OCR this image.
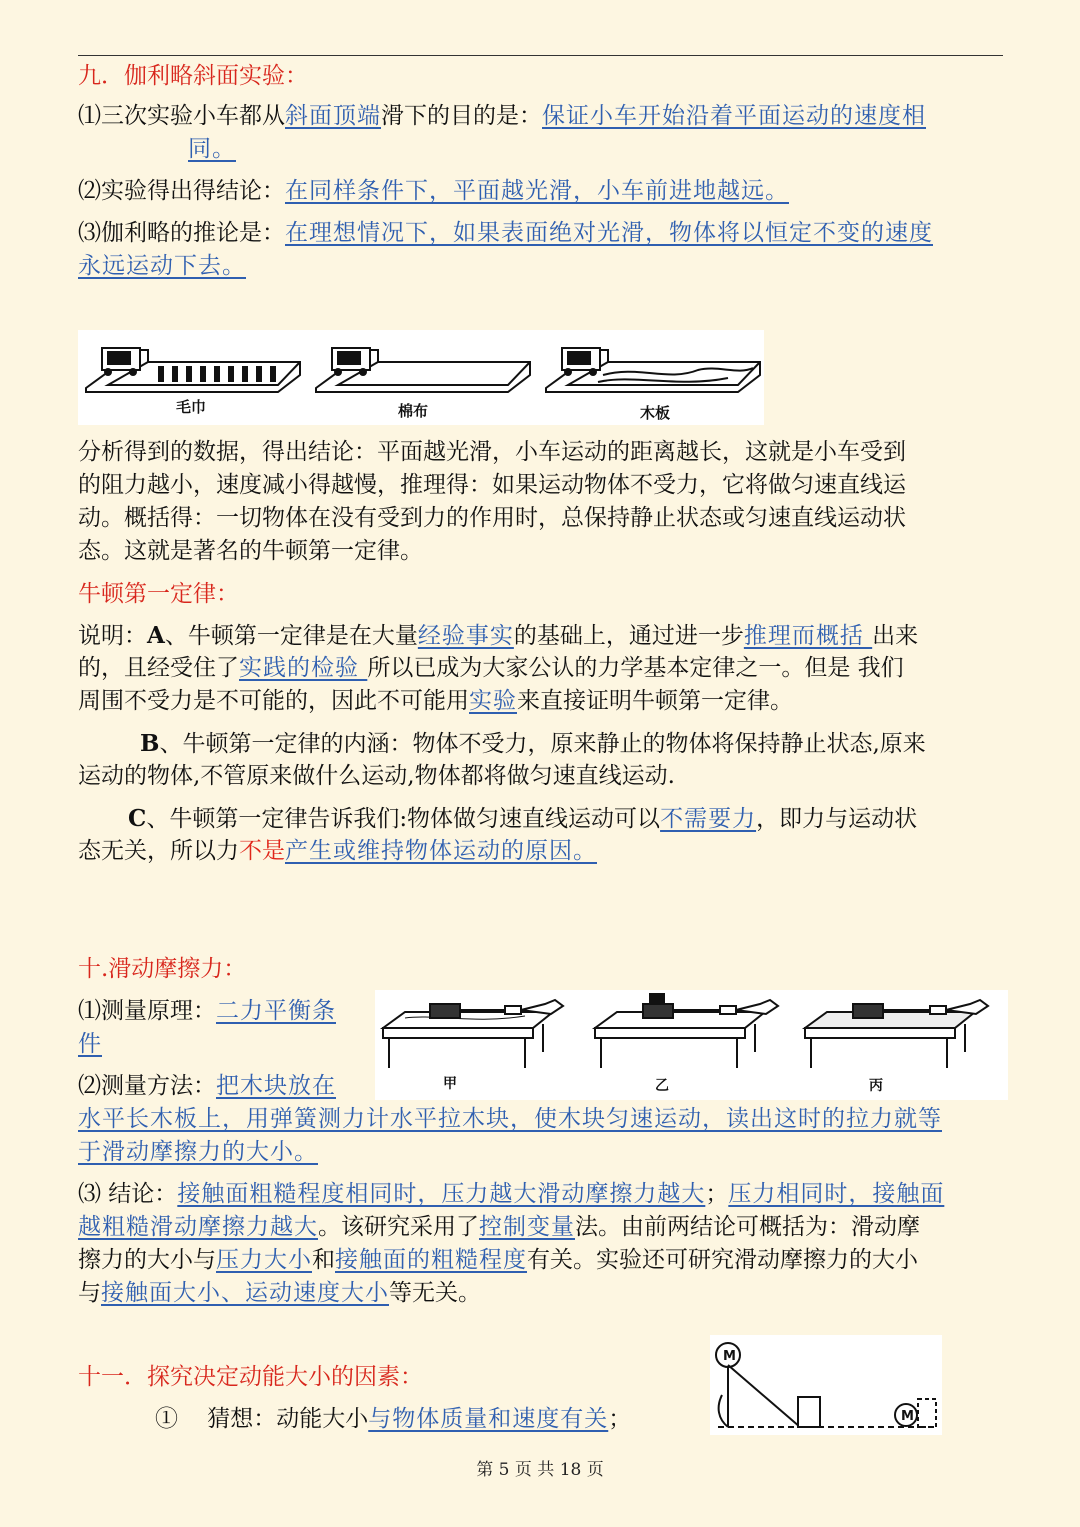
九．伽利略斜面实验：
⑴三次实验小车都从斜面顶端滑下的目的是：保证小车开始沿着平面运动的速度相
同。
⑵实验得出得结论：在同样条件下，平面越光滑，小车前进地越远。
⑶伽利略的推论是：在理想情况下，如果表面绝对光滑，物体将以恒定不变的速度
永远运动下去。
毛巾	棉布	木板
分析得到的数据，得出结论：平面越光滑，小车运动的距离越长，这就是小车受到
的阻力越小，速度减小得越慢，推理得：如果运动物体不受力，它将做匀速直线运
动。概括得：一切物体在没有受到力的作用时，总保持静止状态或匀速直线运动状
态。这就是著名的牛顿第一定律。
牛顿第一定律：
说明：A、牛顿第一定律是在大量经验事实的基础上，通过进一步推理而概括 出来
的，且经受住了实践的检验 所以已成为大家公认的力学基本定律之一。但是 我们
周围不受力是不可能的，因此不可能用实验来直接证明牛顿第一定律。
B、牛顿第一定律的内涵：物体不受力，原来静止的物体将保持静止状态,原来
运动的物体,不管原来做什么运动,物体都将做匀速直线运动.
C、牛顿第一定律告诉我们:物体做匀速直线运动可以不需要力，即力与运动状
态无关，所以力不是产生或维持物体运动的原因。
十.滑动摩擦力：
⑴测量原理：二力平衡条
件
甲	乙	丙
⑵测量方法：把木块放在
水平长木板上，用弹簧测力计水平拉木块，使木块匀速运动，读出这时的拉力就等
于滑动摩擦力的大小。
⑶ 结论：接触面粗糙程度相同时，压力越大滑动摩擦力越大；压力相同时，接触面
越粗糙滑动摩擦力越大。该研究采用了控制变量法。由前两结论可概括为：滑动摩
擦力的大小与压力大小和接触面的粗糙程度有关。实验还可研究滑动摩擦力的大小
与接触面大小、运动速度大小等无关。
十一．探究决定动能大小的因素：
M
M
① 猜想：动能大小与物体质量和速度有关；
第 5 页 共 18 页
